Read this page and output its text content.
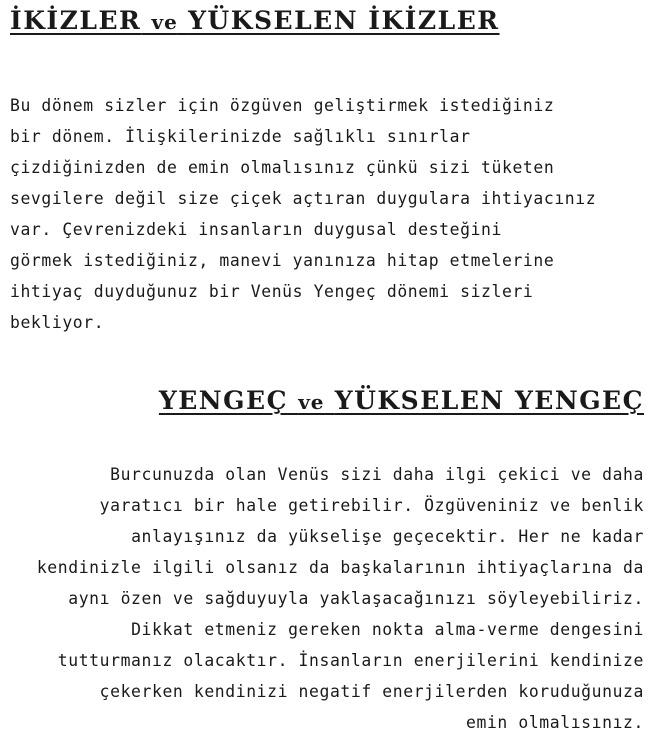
İKİZLER ve YÜKSELEN İKİZLER

Bu dönem sizler için özgüven geliştirmek istediğiniz
bir dönem. İlişkilerinizde sağlıklı sınırlar
çizdiğinizden de emin olmalısınız çünkü sizi tüketen
sevgilere değil size çiçek açtıran duygulara ihtiyacınız
var. Çevrenizdeki insanların duygusal desteğini
görmek istediğiniz, manevi yanınıza hitap etmelerine
ihtiyaç duyduğunuz bir Venüs Yengeç dönemi sizleri
bekliyor.

YENGEÇ ve YÜKSELEN YENGEÇ

Burcunuzda olan Venüs sizi daha ilgi çekici ve daha
yaratıcı bir hale getirebilir. Özgüveniniz ve benlik
anlayışınız da yükselişe geçecektir. Her ne kadar
kendinizle ilgili olsanız da başkalarının ihtiyaçlarına da
aynı özen ve sağduyuyla yaklaşacağınızı söyleyebiliriz.
Dikkat etmeniz gereken nokta alma-verme dengesini
tutturmanız olacaktır. İnsanların enerjilerini kendinize
çekerken kendinizi negatif enerjilerden koruduğunuza
emin olmalısınız.
